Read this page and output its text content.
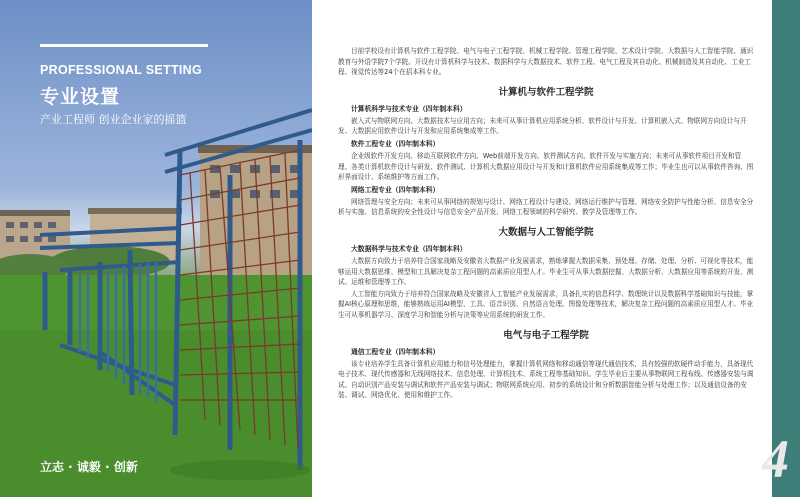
PROFESSIONAL SETTING
专业设置
产业工程师 创业企业家的摇篮
立志 · 诚毅 · 创新

目前学校设有计算机与软件工程学院、电气与电子工程学院、机械工程学院、管理工程学院、艺术设计学院、大数据与人工智能学院、通识教育与外语学院7个学院。开设有计算机科学与技术、数据科学与大数据技术、软件工程、电气工程及其自动化、机械制造及其自动化、工业工程、视觉传达等24个在招本科专业。

计算机与软件工程学院
计算机科学与技术专业（四年制本科）

嵌入式与物联网方向、大数据技术与应用方向；未来可从事计算机应用系统分析、软件设计与开发、计算机嵌入式、物联网方向设计与开发、大数据应用软件设计与开发和应用系统集成等工作。

软件工程专业（四年制本科）

企业级软件开发方向、移动互联网软件方向、Web前端开发方向、软件测试方向、软件开发与实施方向；未来可从事软件项目开发和管理、各类计算机软件设计与研发、软件测试、计算机大数据应用设计与开发和计算机软件应用系统集成等工作；毕业生也可以从事软件咨询、图形界面设计、系统维护等方面工作。

网络工程专业（四年制本科）

网络管理与安全方向；未来可从事网络的规划与设计、网络工程设计与建设、网络运行维护与管理、网络安全防护与性能分析、信息安全分析与实施、信息系统的安全性设计与信息安全产品开发、网络工程领域的科学研究、教学及管理等工作。

大数据与人工智能学院
大数据科学与技术专业（四年制本科）

大数据方向致力于培养符合国家战略及安徽省大数据产业发展需求，熟练掌握大数据采集、预处理、存储、处理、分析、可视化等技术，能够运用大数据思维、模型和工具解决复杂工程问题的高素质应用型人才。毕业生可从事大数据挖掘、大数据分析、大数据应用等系统的开发、测试、运维和管理等工作。

人工智能方向致力于培养符合国家战略及安徽省人工智能产业发展需求，具备扎实的信息科学、数理统计以及数据科学基础知识与技能，掌握AI核心原理和思维，能够熟练运用AI模型、工具、语音识别、自然语言处理、图像处理等技术，解决复杂工程问题的高素质应用型人才。毕业生可从事机器学习、深度学习和智能分析与决策等应用系统的研发工作。

电气与电子工程学院
通信工程专业（四年制本科）

该专业培养学生具备计算机应用能力和信号处理能力，掌握计算机网络和移动通信等现代通信技术，具有较强的软硬件动手能力，具备现代电子技术、现代传感器和无线网络技术、信息处理、计算机技术、系统工程等基础知识。学生毕业后主要从事物联网工程布线、传感器安装与调试、自动识别产品安装与调试和软件产品安装与调试；物联网系统应用、初步的系统设计和分析数据智能分析与处理工作；以及通信设备的安装、调试、网络优化、使用和维护工作。

4
